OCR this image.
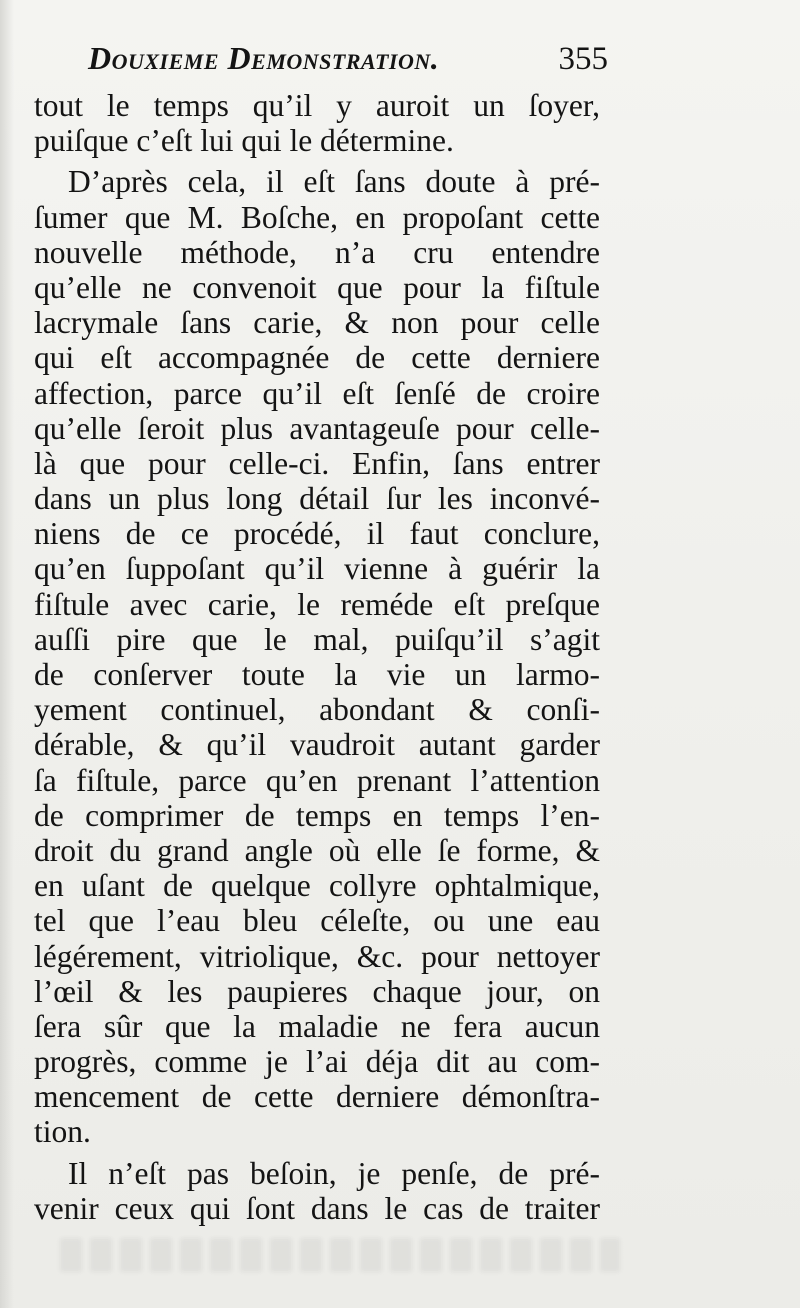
Douxieme Demonstration.	355
tout le temps qu’il y auroit un ſoyer,
puiſque c’eſt lui qui le détermine.
D’après cela, il eſt ſans doute à pré-
ſumer que M. Boſche, en propoſant cette
nouvelle méthode, n’a cru entendre
qu’elle ne convenoit que pour la fiſtule
lacrymale ſans carie, & non pour celle
qui eſt accompagnée de cette derniere
affection, parce qu’il eſt ſenſé de croire
qu’elle ſeroit plus avantageuſe pour celle-
là que pour celle-ci. Enfin, ſans entrer
dans un plus long détail ſur les inconvé-
niens de ce procédé, il faut conclure,
qu’en ſuppoſant qu’il vienne à guérir la
fiſtule avec carie, le reméde eſt preſque
auſſi pire que le mal, puiſqu’il s’agit
de conſerver toute la vie un larmo-
yement continuel, abondant & conſi-
dérable, & qu’il vaudroit autant garder
ſa fiſtule, parce qu’en prenant l’attention
de comprimer de temps en temps l’en-
droit du grand angle où elle ſe forme, &
en uſant de quelque collyre ophtalmique,
tel que l’eau bleu céleſte, ou une eau
légérement, vitriolique, &c. pour nettoyer
l’œil & les paupieres chaque jour, on
ſera sûr que la maladie ne fera aucun
progrès, comme je l’ai déja dit au com-
mencement de cette derniere démonſtra-
tion.
Il n’eſt pas beſoin, je penſe, de pré-
venir ceux qui ſont dans le cas de traiter
